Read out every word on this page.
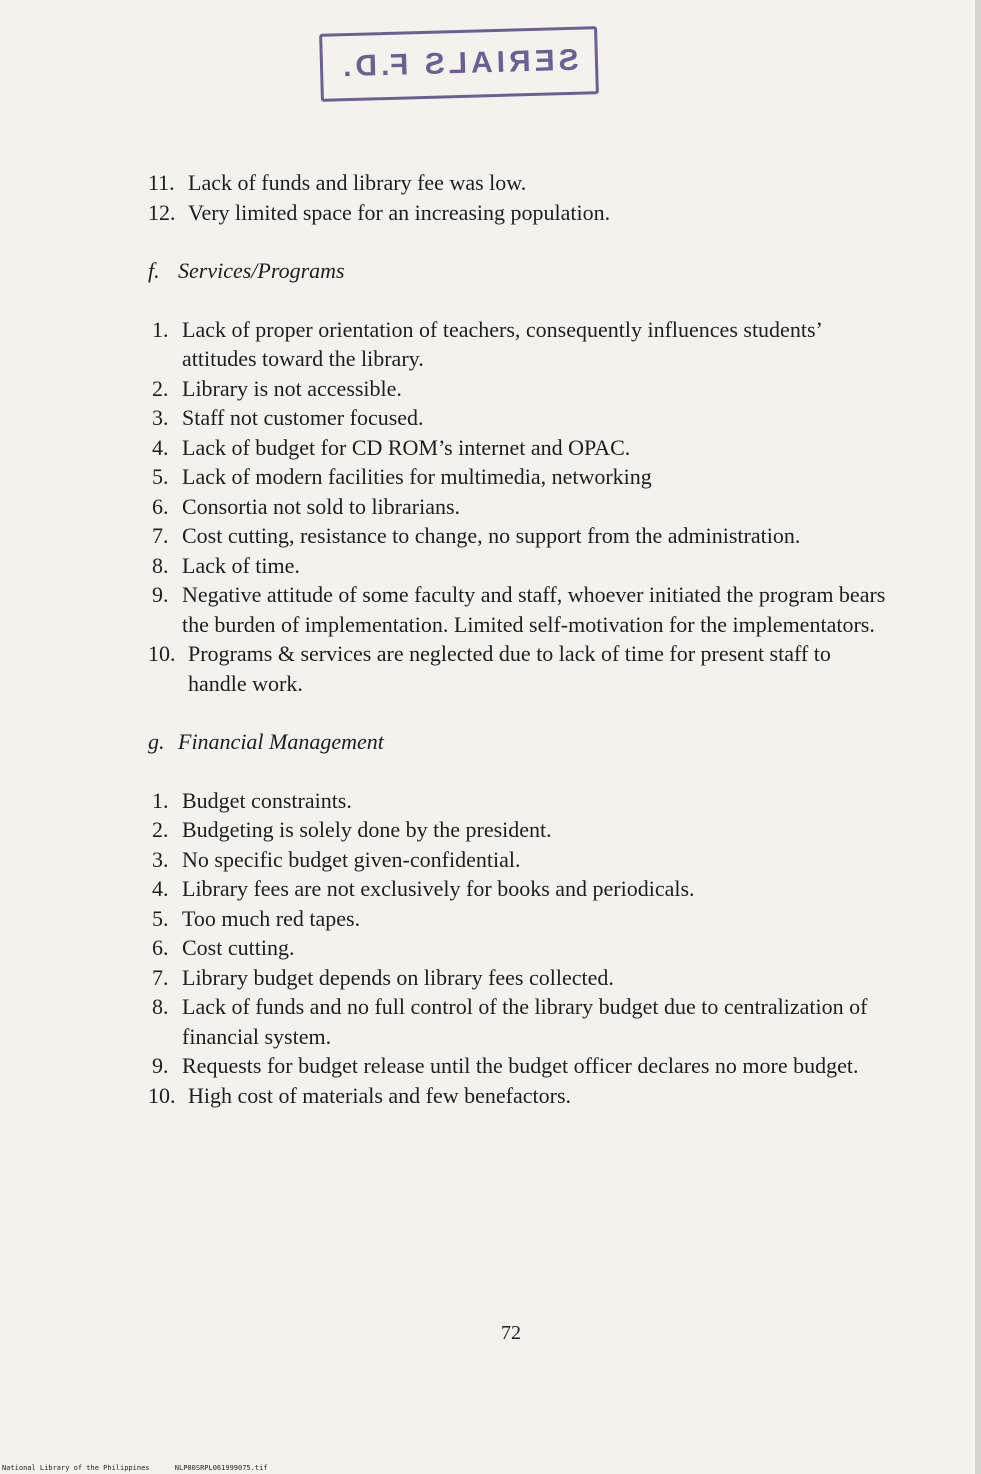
SERIALS F.D.
11. Lack of funds and library fee was low.
12. Very limited space for an increasing population.
f. Services/Programs
1. Lack of proper orientation of teachers, consequently influences students’ attitudes toward the library.
2. Library is not accessible.
3. Staff not customer focused.
4. Lack of budget for CD ROM’s internet and OPAC.
5. Lack of modern facilities for multimedia, networking
6. Consortia not sold to librarians.
7. Cost cutting, resistance to change, no support from the administration.
8. Lack of time.
9. Negative attitude of some faculty and staff, whoever initiated the program bears the burden of implementation. Limited self-motivation for the implementators.
10. Programs & services are neglected due to lack of time for present staff to handle work.
g. Financial Management
1. Budget constraints.
2. Budgeting is solely done by the president.
3. No specific budget given-confidential.
4. Library fees are not exclusively for books and periodicals.
5. Too much red tapes.
6. Cost cutting.
7. Library budget depends on library fees collected.
8. Lack of funds and no full control of the library budget due to centralization of financial system.
9. Requests for budget release until the budget officer declares no more budget.
10. High cost of materials and few benefactors.
72
National Library of the Philippines      NLP00SRPL061999075.tif
